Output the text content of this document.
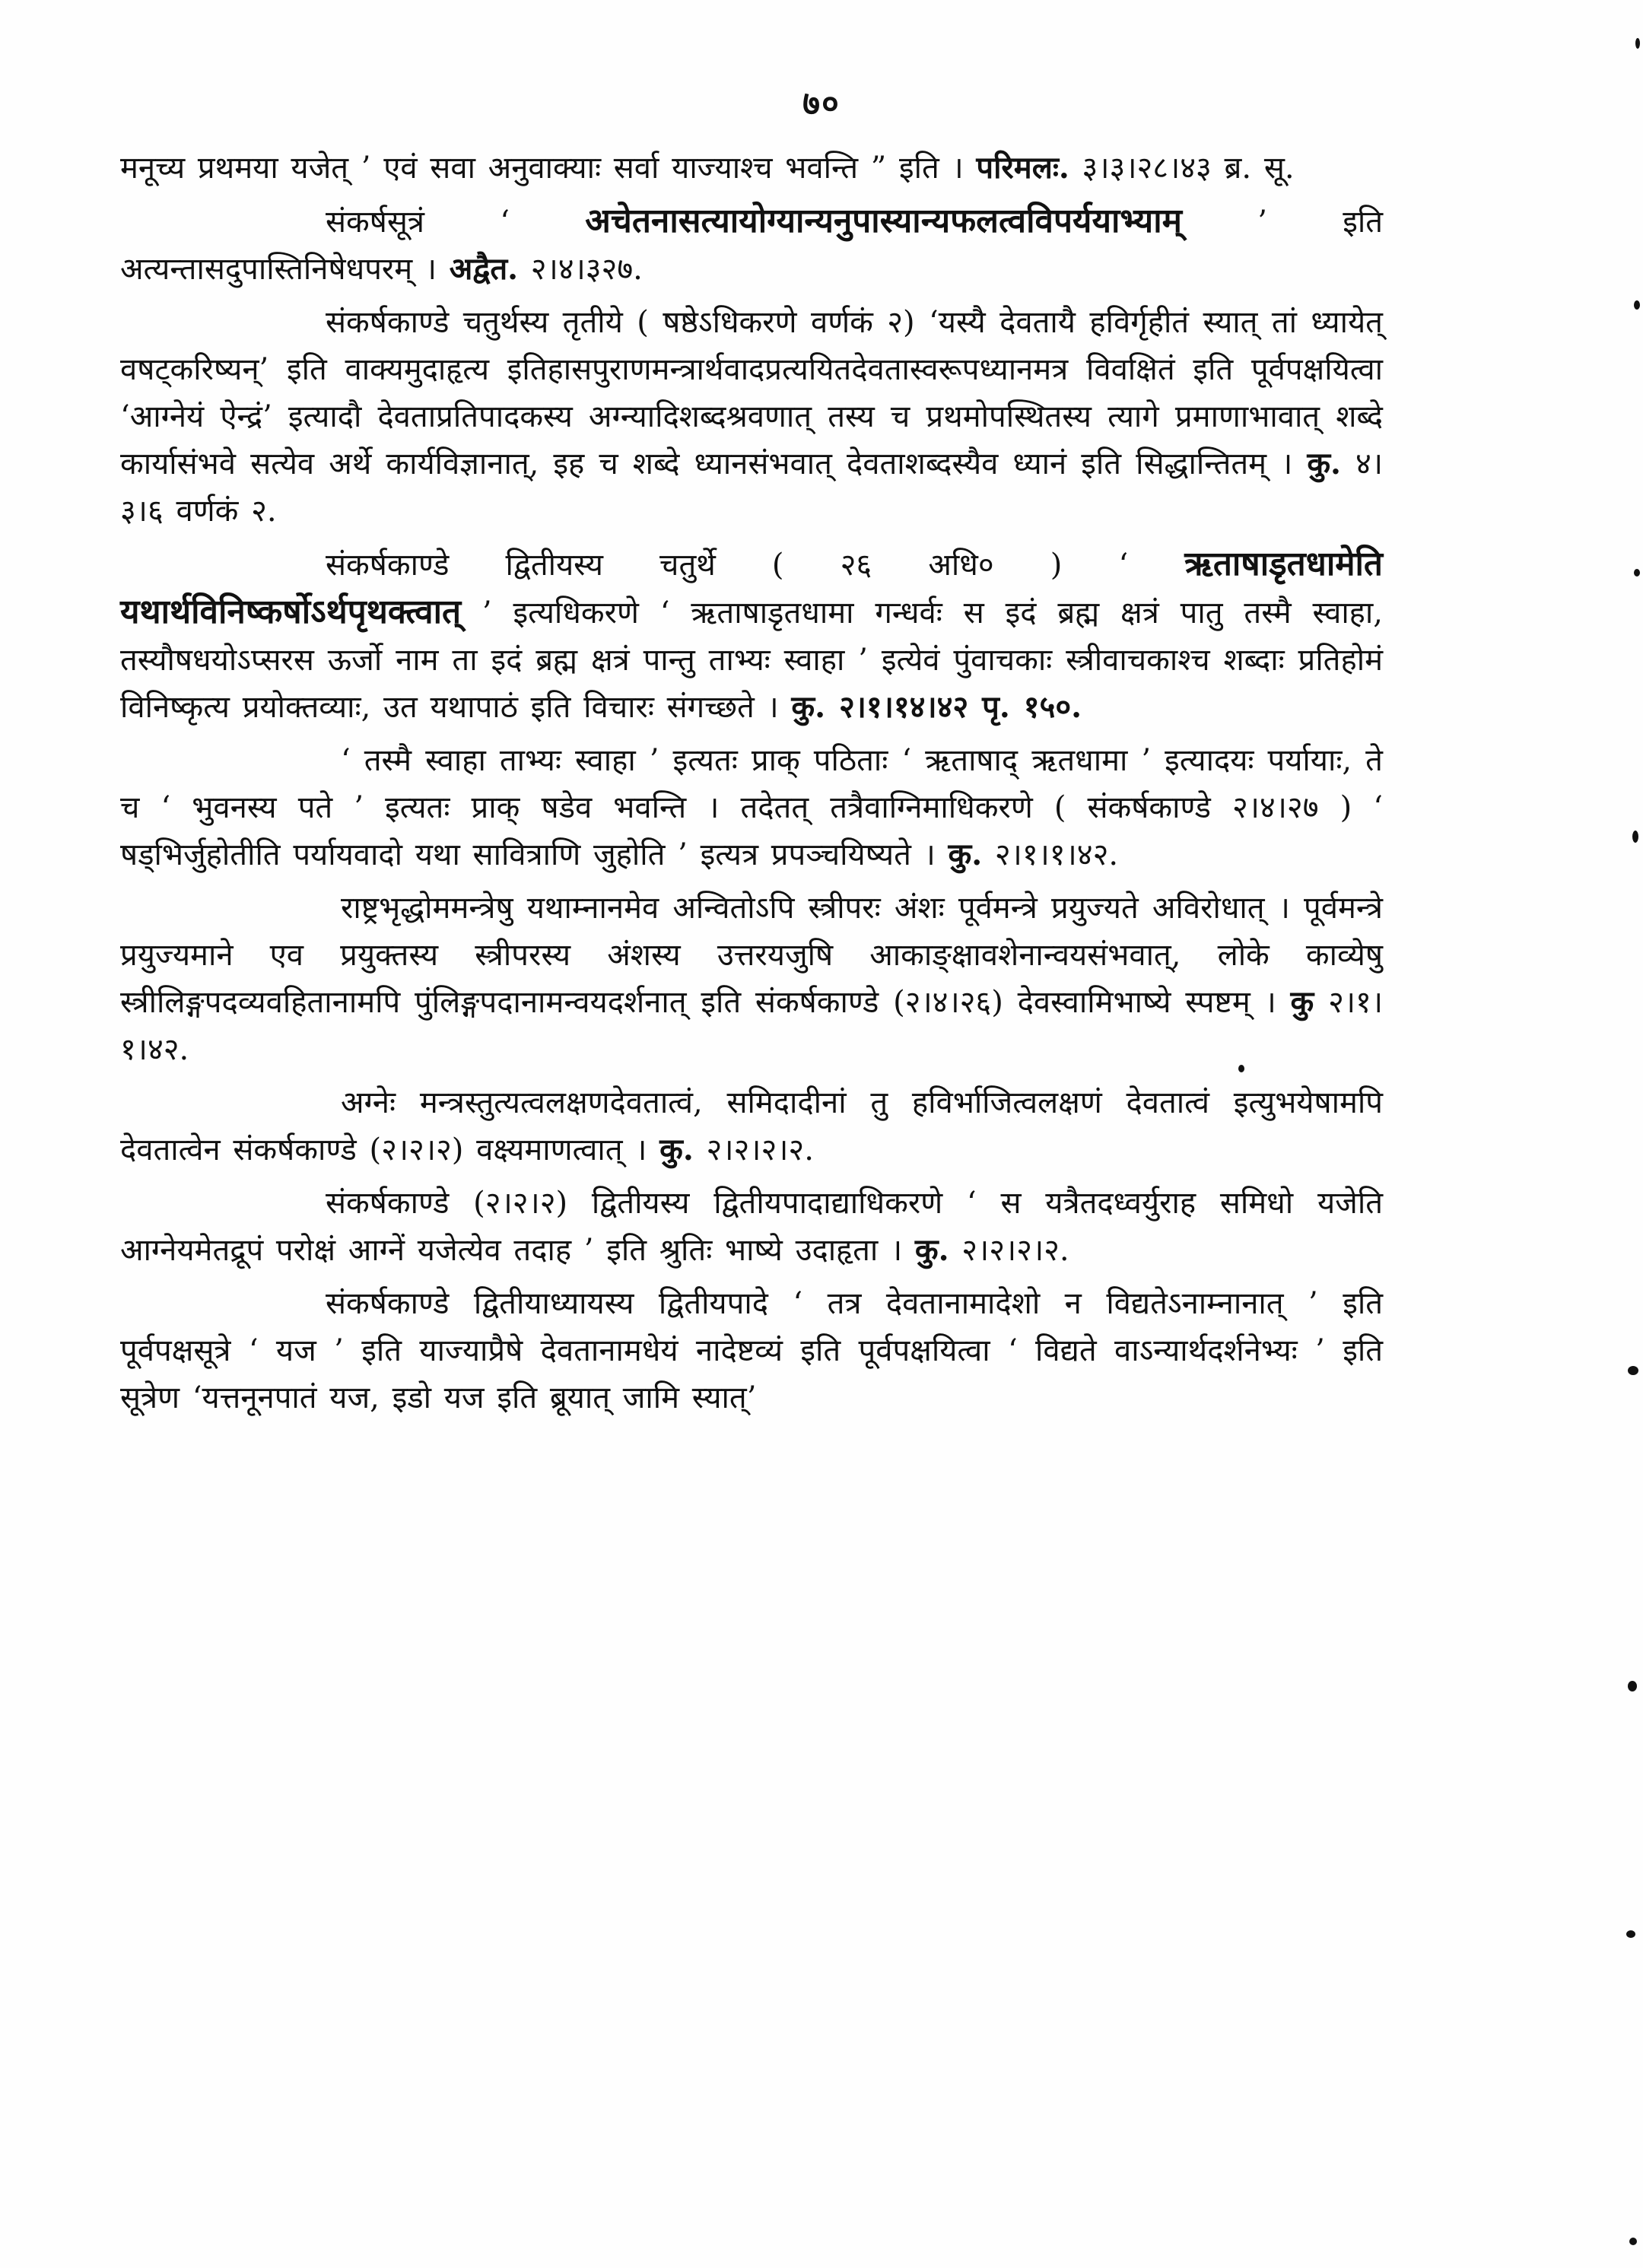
७०

मनूच्य प्रथमया यजेत् ’ एवं सवा अनुवाक्याः सर्वा याज्याश्च भवन्ति ” इति । परिमलः. ३।३।२८।४३ ब्र. सू.

संकर्षसूत्रं ‘ अचेतनासत्यायोग्यान्यनुपास्यान्यफलत्वविपर्ययाभ्याम् ’ इति अत्यन्तासदुपास्तिनिषेधपरम् । अद्वैत. २।४।३२७.

संकर्षकाण्डे चतुर्थस्य तृतीये ( षष्ठेऽधिकरणे वर्णकं २) ‘यस्यै देवतायै हविर्गृहीतं स्यात् तां ध्यायेत् वषट्करिष्यन्’ इति वाक्यमुदाहृत्य इतिहासपुराणमन्त्रार्थवादप्रत्ययितदेवतास्वरूपध्यानमत्र विवक्षितं इति पूर्वपक्षयित्वा ‘आग्नेयं ऐन्द्रं’ इत्यादौ देवताप्रतिपादकस्य अग्न्यादिशब्दश्रवणात् तस्य च प्रथमोपस्थितस्य त्यागे प्रमाणाभावात् शब्दे कार्यासंभवे सत्येव अर्थे कार्यविज्ञानात्, इह च शब्दे ध्यानसंभवात् देवताशब्दस्यैव ध्यानं इति सिद्धान्तितम् । कु. ४।३।६ वर्णकं २.

संकर्षकाण्डे द्वितीयस्य चतुर्थे ( २६ अधि० ) ‘ ऋताषाडृतधामेति यथार्थविनिष्कर्षोऽर्थपृथक्त्वात् ’ इत्यधिकरणे ‘ ऋताषाडृतधामा गन्धर्वः स इदं ब्रह्म क्षत्रं पातु तस्मै स्वाहा, तस्यौषधयोऽप्सरस ऊर्जो नाम ता इदं ब्रह्म क्षत्रं पान्तु ताभ्यः स्वाहा ’ इत्येवं पुंवाचकाः स्त्रीवाचकाश्च शब्दाः प्रतिहोमं विनिष्कृत्य प्रयोक्तव्याः, उत यथापाठं इति विचारः संगच्छते । कु. २।१।१४।४२ पृ. १५०.

‘ तस्मै स्वाहा ताभ्यः स्वाहा ’ इत्यतः प्राक् पठिताः ‘ ऋताषाद् ऋतधामा ’ इत्यादयः पर्यायाः, ते च ‘ भुवनस्य पते ’ इत्यतः प्राक् षडेव भवन्ति । तदेतत् तत्रैवाग्निमाधिकरणे ( संकर्षकाण्डे २।४।२७ ) ‘ षड्भिर्जुहोतीति पर्यायवादो यथा सावित्राणि जुहोति ’ इत्यत्र प्रपञ्चयिष्यते । कु. २।१।१।४२.

राष्ट्रभृद्धोममन्त्रेषु यथाम्नानमेव अन्वितोऽपि स्त्रीपरः अंशः पूर्वमन्त्रे प्रयुज्यते अविरोधात् । पूर्वमन्त्रे प्रयुज्यमाने एव प्रयुक्तस्य स्त्रीपरस्य अंशस्य उत्तरयजुषि आकाङ्क्षावशेनान्वयसंभवात्, लोके काव्येषु स्त्रीलिङ्गपदव्यवहितानामपि पुंलिङ्गपदानामन्वयदर्शनात् इति संकर्षकाण्डे (२।४।२६) देवस्वामिभाष्ये स्पष्टम् । कु २।१।१।४२.

अग्नेः मन्त्रस्तुत्यत्वलक्षणदेवतात्वं, समिदादीनां तु हविर्भाजित्वलक्षणं देवतात्वं इत्युभयेषामपि देवतात्वेन संकर्षकाण्डे (२।२।२) वक्ष्यमाणत्वात् । कु. २।२।२।२.

संकर्षकाण्डे (२।२।२) द्वितीयस्य द्वितीयपादाद्याधिकरणे ‘ स यत्रैतदध्वर्युराह समिधो यजेति आग्नेयमेतद्रूपं परोक्षं आग्नें यजेत्येव तदाह ’ इति श्रुतिः भाष्ये उदाहृता । कु. २।२।२।२.

संकर्षकाण्डे द्वितीयाध्यायस्य द्वितीयपादे ‘ तत्र देवतानामादेशो न विद्यतेऽनाम्नानात् ’ इति पूर्वपक्षसूत्रे ‘ यज ’ इति याज्याप्रैषे देवतानामधेयं नादेष्टव्यं इति पूर्वपक्षयित्वा ‘ विद्यते वाऽन्यार्थदर्शनेभ्यः ’ इति सूत्रेण ‘यत्तनूनपातं यज, इडो यज इति ब्रूयात् जामि स्यात्’
